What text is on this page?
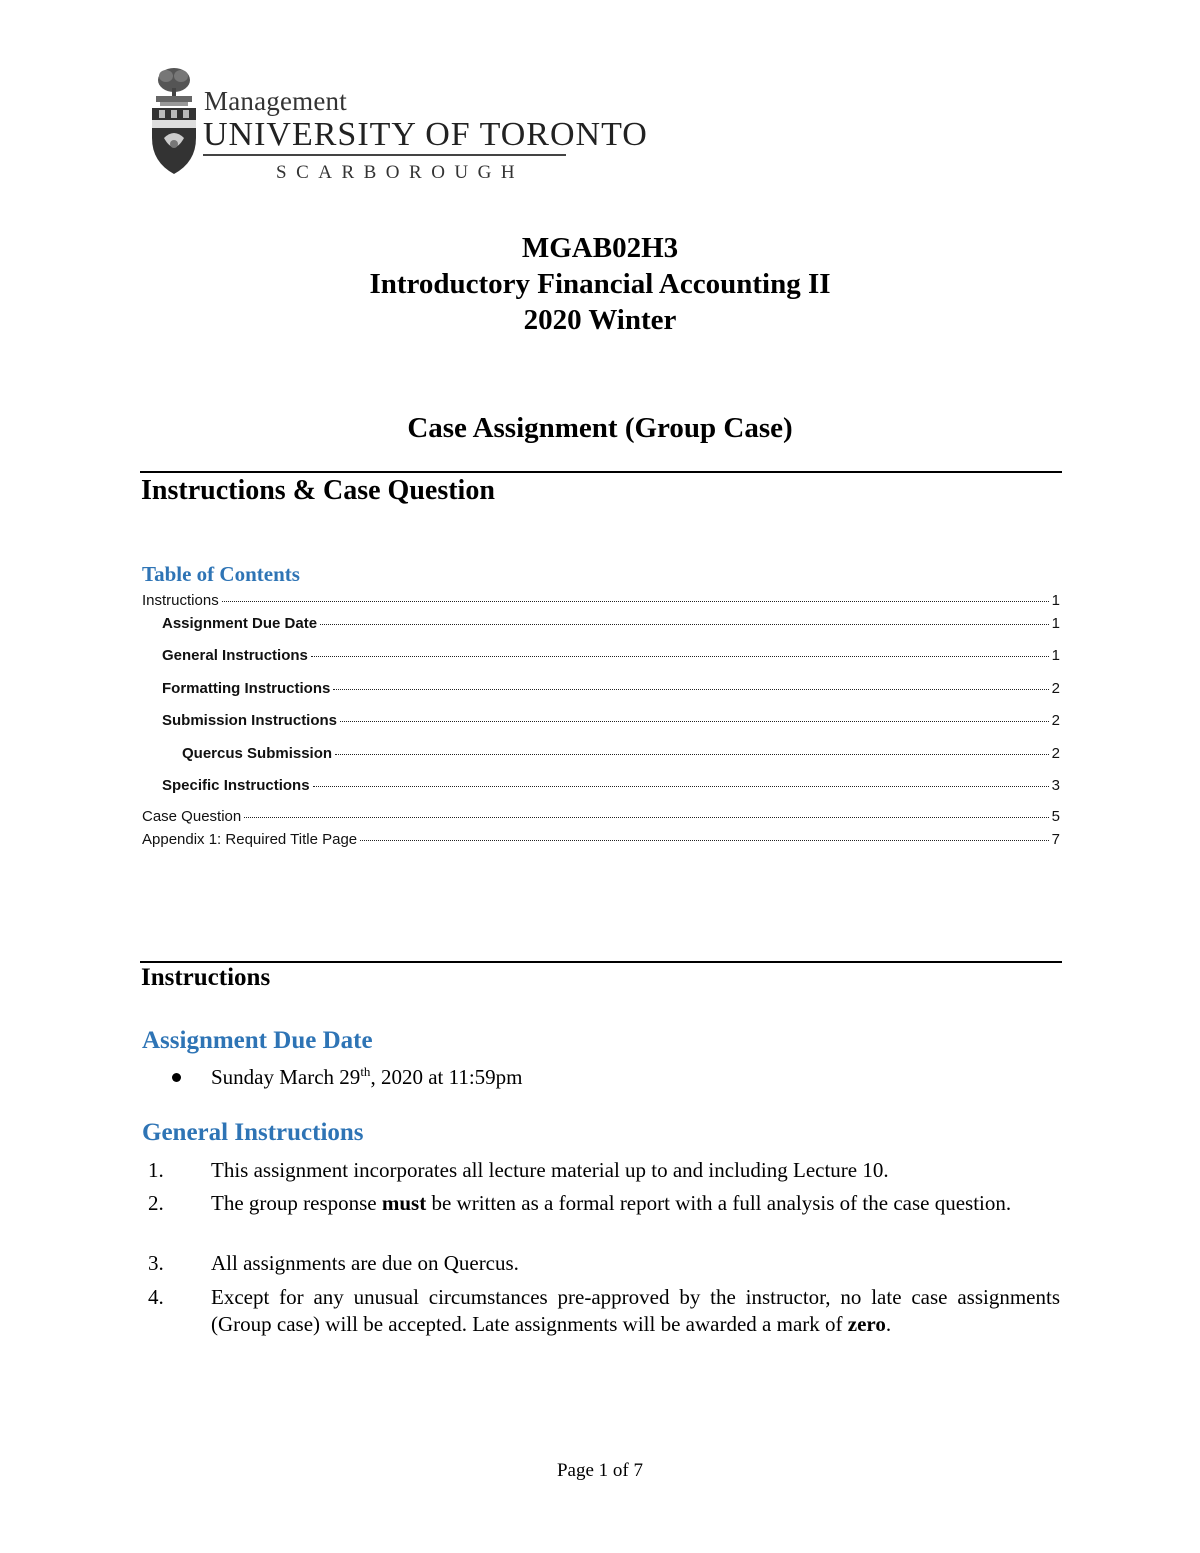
Management
UNIVERSITY OF TORONTO
SCARBOROUGH
MGAB02H3
Introductory Financial Accounting II
2020 Winter
Case Assignment (Group Case)
Instructions & Case Question
Table of Contents
Instructions	1
Assignment Due Date	1
General Instructions	1
Formatting Instructions	2
Submission Instructions	2
Quercus Submission	2
Specific Instructions	3
Case Question	5
Appendix 1: Required Title Page	7
Instructions
Assignment Due Date
Sunday March 29th, 2020 at 11:59pm
General Instructions
1. This assignment incorporates all lecture material up to and including Lecture 10.
2. The group response must be written as a formal report with a full analysis of the case question.
3. All assignments are due on Quercus.
4. Except for any unusual circumstances pre-approved by the instructor, no late case assignments (Group case) will be accepted. Late assignments will be awarded a mark of zero.
Page 1 of 7
